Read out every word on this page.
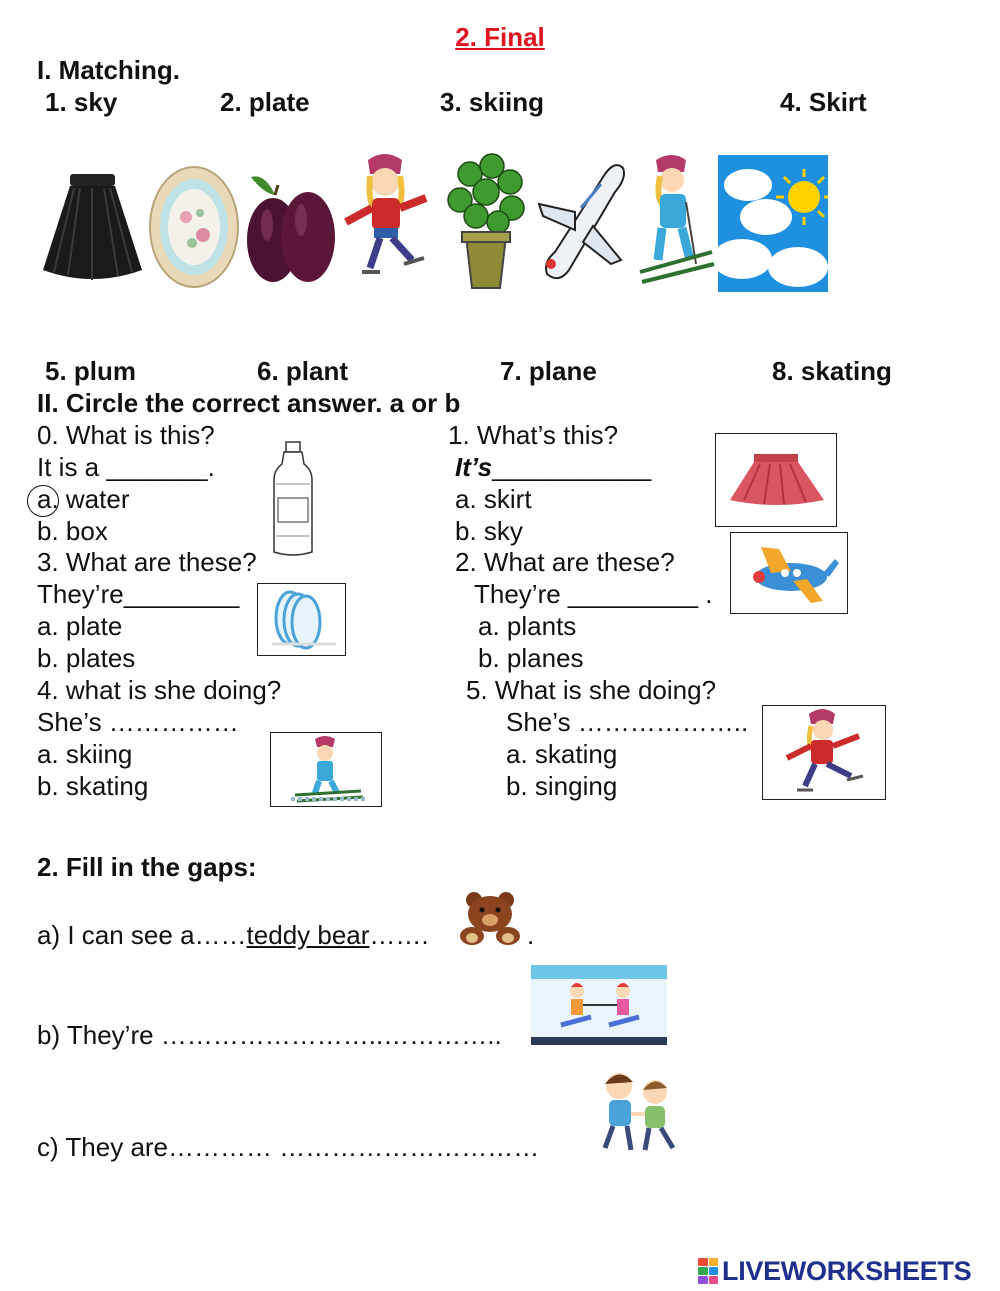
2. Final
I. Matching.
1. sky	2. plate	3. skiing	4. Skirt
5. plum	6. plant	7. plane	8. skating
II. Circle the correct answer. a or b
0. What is this?
It is a _______.
a. water
b. box
1. What’s this?
It’s___________
a. skirt
b. sky
3. What are these?
They’re________
a. plate
b. plates
2. What are these?
They’re _________ .
a. plants
b. planes
4. what is she doing?
She’s ……………
a. skiing
b. skating
5. What is she doing?
She’s ………………..
a. skating
b. singing
2. Fill in the gaps:
a) I can see a……teddy bear…….	.
b) They’re ……………………..…………..
c) They are………… …………………………
LIVEWORKSHEETS
